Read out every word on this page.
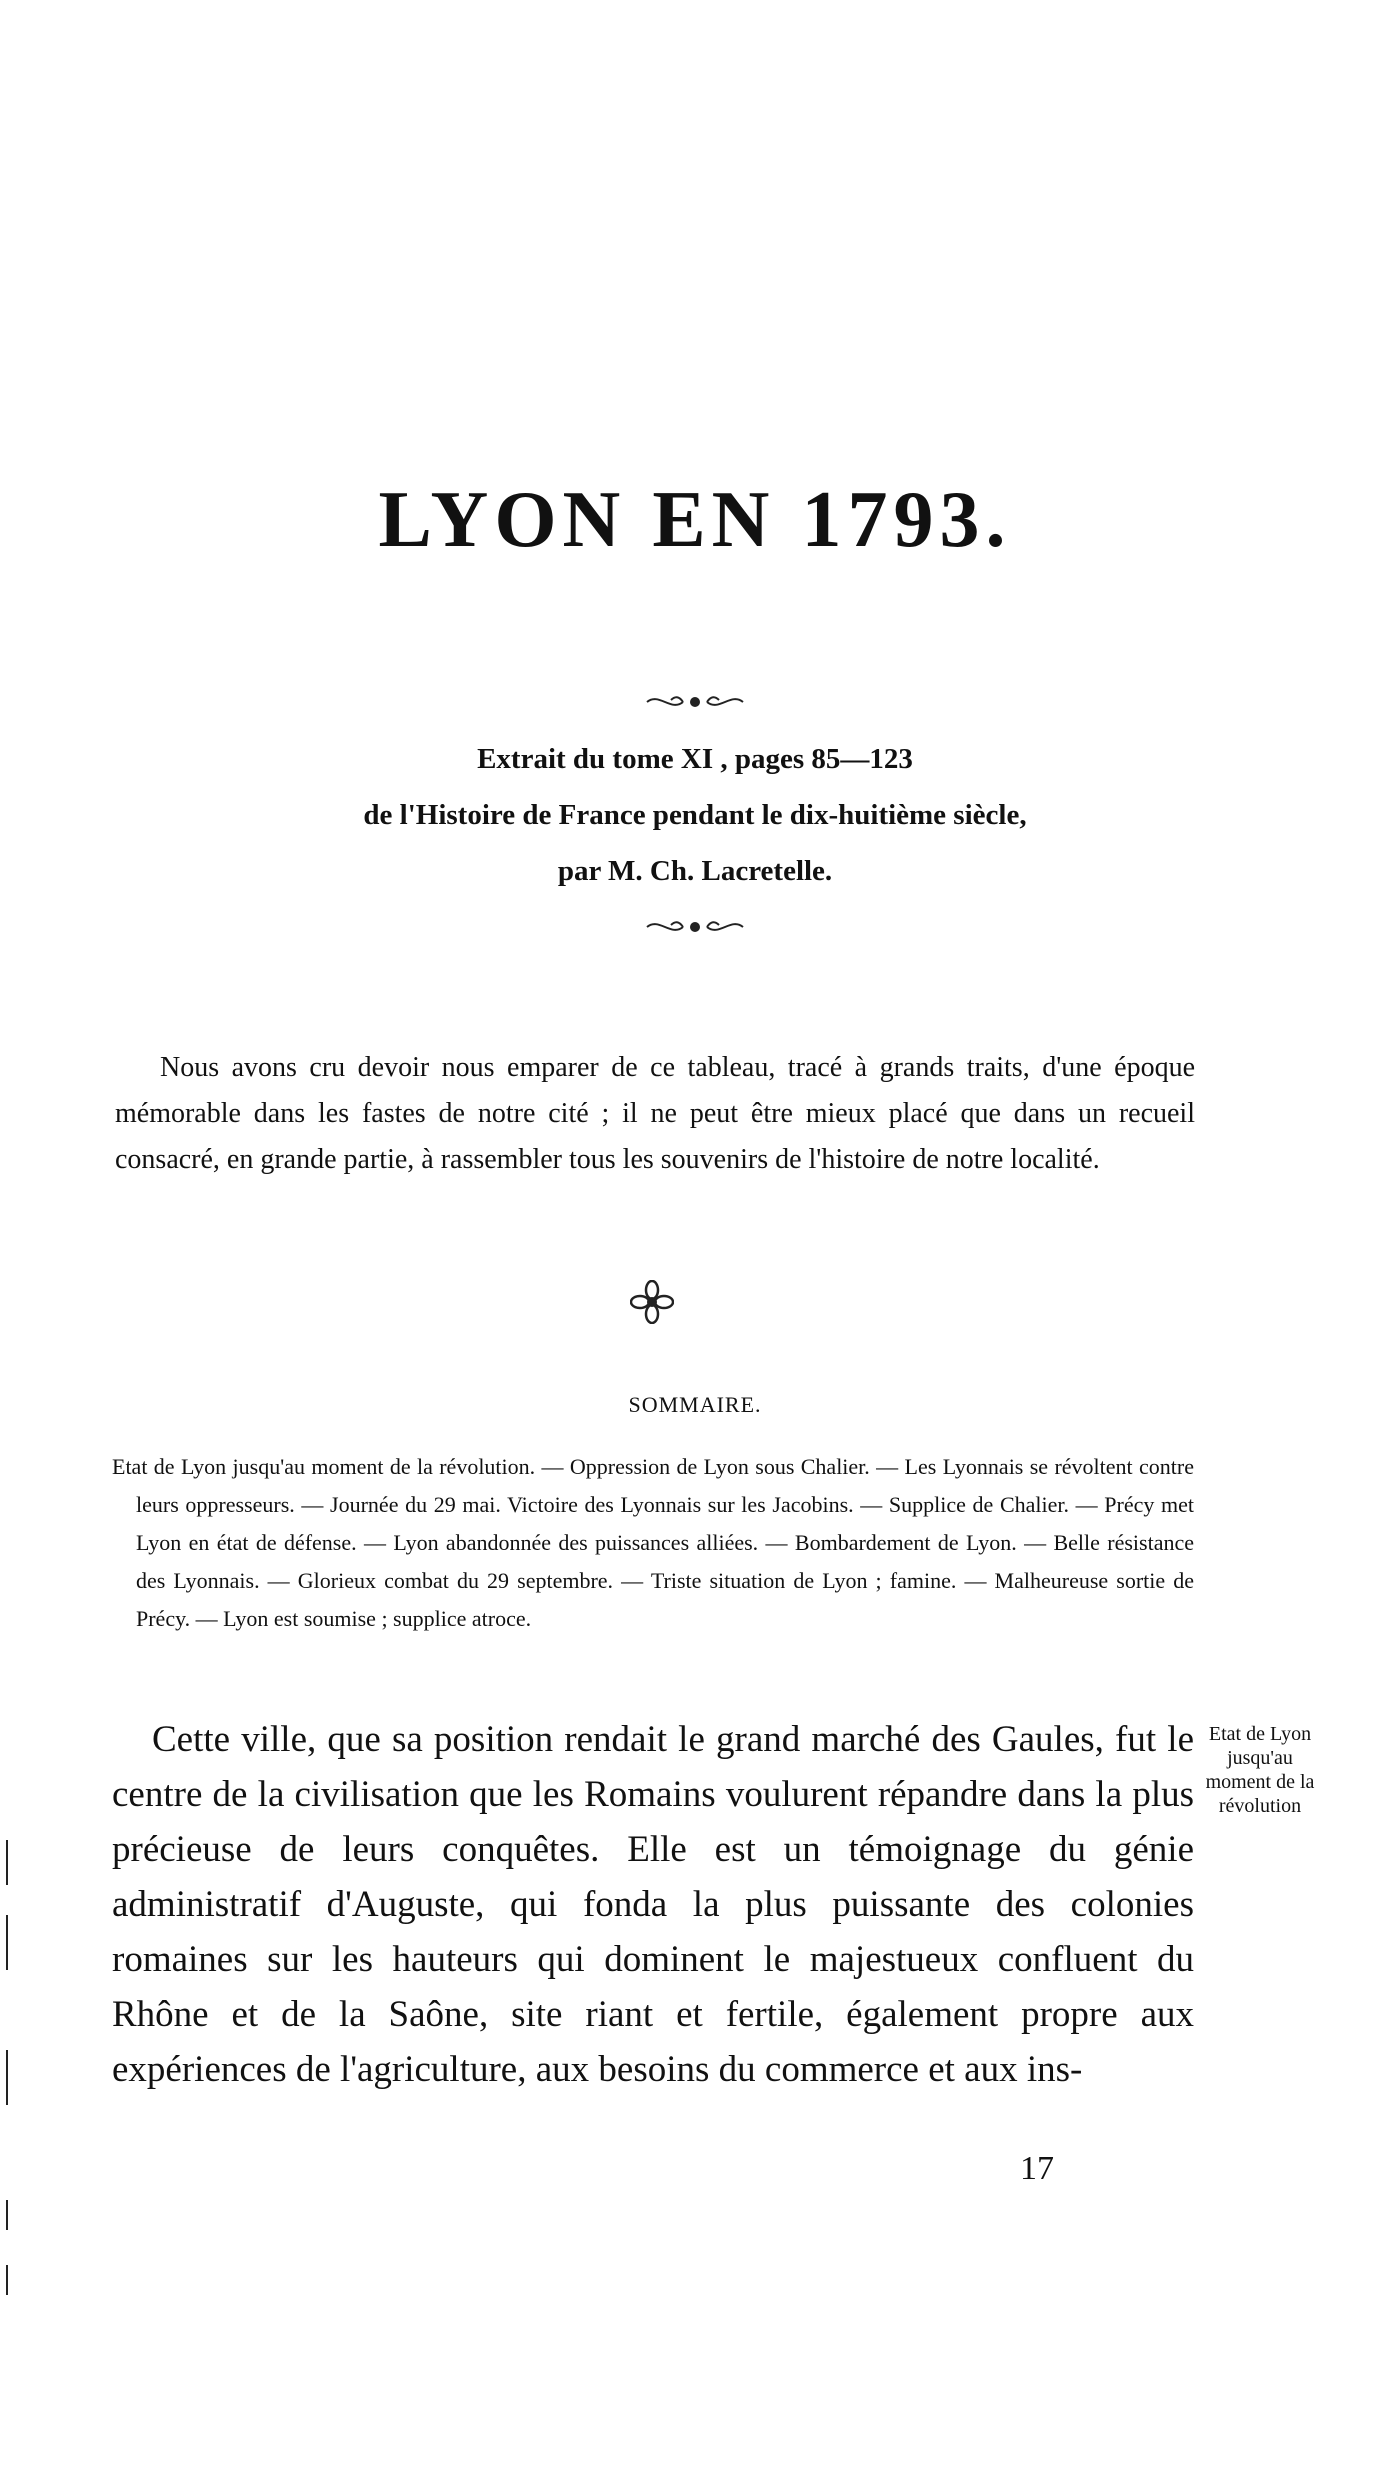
LYON EN 1793.
Extrait du tome XI , pages 85—123
de l'Histoire de France pendant le dix-huitième siècle,
par M. Ch. Lacretelle.
Nous avons cru devoir nous emparer de ce tableau, tracé à grands traits, d'une époque mémorable dans les fastes de notre cité ; il ne peut être mieux placé que dans un recueil consacré, en grande partie, à rassembler tous les souvenirs de l'histoire de notre localité.
SOMMAIRE.
Etat de Lyon jusqu'au moment de la révolution. — Oppression de Lyon sous Chalier. — Les Lyonnais se révoltent contre leurs oppresseurs. — Journée du 29 mai. Victoire des Lyonnais sur les Jacobins. — Supplice de Chalier. — Précy met Lyon en état de défense. — Lyon abandonnée des puissances alliées. — Bombardement de Lyon. — Belle résistance des Lyonnais. — Glorieux combat du 29 septembre. — Triste situation de Lyon ; famine. — Malheureuse sortie de Précy. — Lyon est soumise ; supplice atroce.
Cette ville, que sa position rendait le grand marché des Gaules, fut le centre de la civilisation que les Romains voulurent répandre dans la plus précieuse de leurs conquêtes. Elle est un témoignage du génie administratif d'Auguste, qui fonda la plus puissante des colonies romaines sur les hauteurs qui dominent le majestueux confluent du Rhône et de la Saône, site riant et fertile, également propre aux expériences de l'agriculture, aux besoins du commerce et aux ins-
Etat de Lyon jusqu'au moment de la révolution
17
